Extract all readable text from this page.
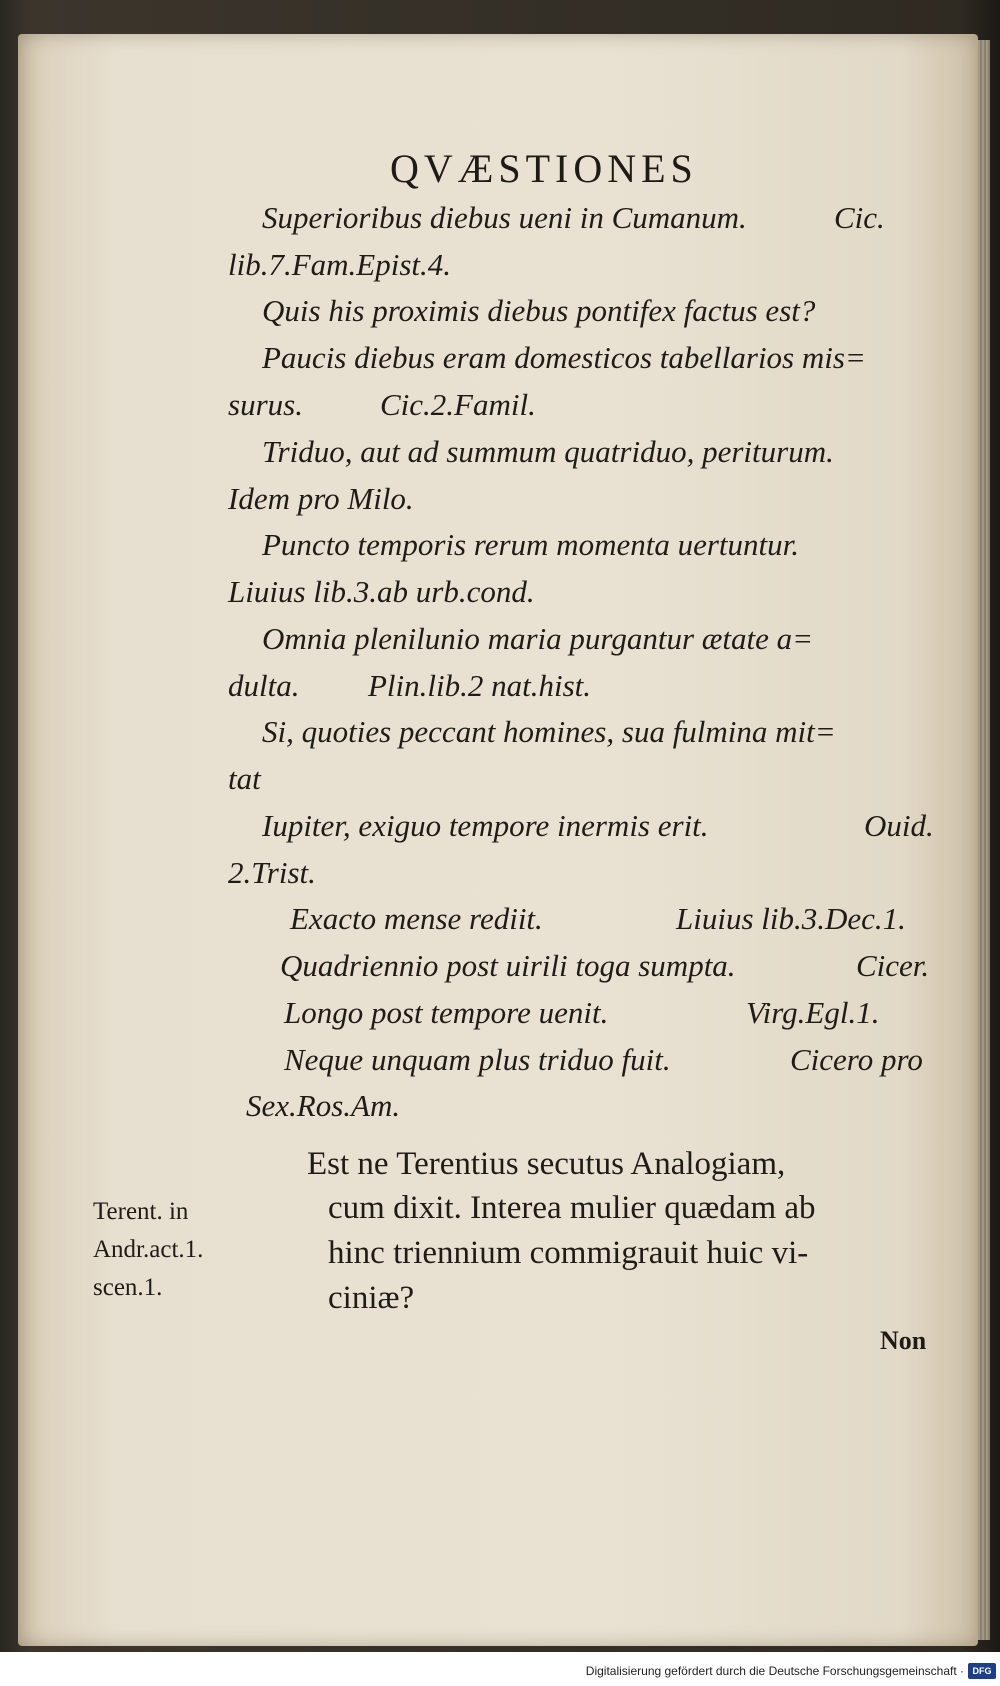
QVÆSTIONES
Superioribus diebus ueni in Cumanum.	Cic.
lib.7.Fam.Epist.4.
Quis his proximis diebus pontifex factus est?
Paucis diebus eram domesticos tabellarios mis=
surus. Cic.2.Famil.
Triduo, aut ad summum quatriduo, periturum.
Idem pro Milo.
Puncto temporis rerum momenta uertuntur.
Liuius lib.3.ab urb.cond.
Omnia plenilunio maria purgantur ætate a=
dulta. Plin.lib.2 nat.hist.
Si, quoties peccant homines, sua fulmina mit=
tat
Iupiter, exiguo tempore inermis erit.	Ouid.
2.Trist.
Exacto mense rediit.	Liuius lib.3.Dec.1.
Quadriennio post uirili toga sumpta.	Cicer.
Longo post tempore uenit.	Virg.Egl.1.
Neque unquam plus triduo fuit.	Cicero pro
Sex.Ros.Am.
Est ne Terentius secutus Analogiam,
cum dixit. Interea mulier quædam ab
hinc triennium commigrauit huic vi-
ciniæ?
Terent. in
Andr.act.1.
scen.1.
Non
Digitalisierung gefördert durch die Deutsche Forschungsgemeinschaft · DFG
